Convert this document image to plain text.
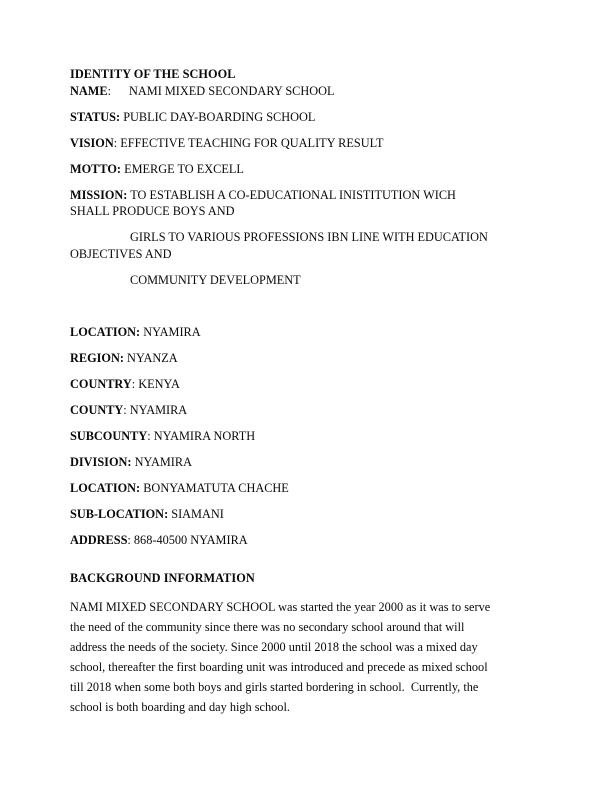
IDENTITY OF THE SCHOOL

NAME: NAMI MIXED SECONDARY SCHOOL

STATUS: PUBLIC DAY-BOARDING SCHOOL

VISION: EFFECTIVE TEACHING FOR QUALITY RESULT

MOTTO: EMERGE TO EXCELL

MISSION: TO ESTABLISH A CO-EDUCATIONAL INISTITUTION WICH SHALL PRODUCE BOYS AND

GIRLS TO VARIOUS PROFESSIONS IBN LINE WITH EDUCATION OBJECTIVES AND

COMMUNITY DEVELOPMENT

LOCATION: NYAMIRA

REGION: NYANZA

COUNTRY: KENYA

COUNTY: NYAMIRA

SUBCOUNTY: NYAMIRA NORTH

DIVISION: NYAMIRA

LOCATION: BONYAMATUTA CHACHE

SUB-LOCATION: SIAMANI

ADDRESS: 868-40500 NYAMIRA

BACKGROUND INFORMATION

NAMI MIXED SECONDARY SCHOOL was started the year 2000 as it was to serve the need of the community since there was no secondary school around that will address the needs of the society. Since 2000 until 2018 the school was a mixed day school, thereafter the first boarding unit was introduced and precede as mixed school till 2018 when some both boys and girls started bordering in school.  Currently, the school is both boarding and day high school.
